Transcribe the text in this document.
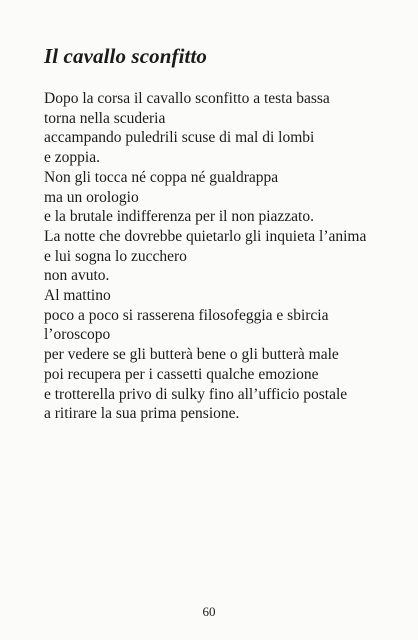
Il cavallo sconfitto
Dopo la corsa il cavallo sconfitto a testa bassa
torna nella scuderia
accampando puledrili scuse di mal di lombi
e zoppia.
Non gli tocca né coppa né gualdrappa
ma un orologio
e la brutale indifferenza per il non piazzato.
La notte che dovrebbe quietarlo gli inquieta l’anima
e lui sogna lo zucchero
non avuto.
Al mattino
poco a poco si rasserena filosofeggia e sbircia
l’oroscopo
per vedere se gli butterà bene o gli butterà male
poi recupera per i cassetti qualche emozione
e trotterella privo di sulky fino all’ufficio postale
a ritirare la sua prima pensione.
60
